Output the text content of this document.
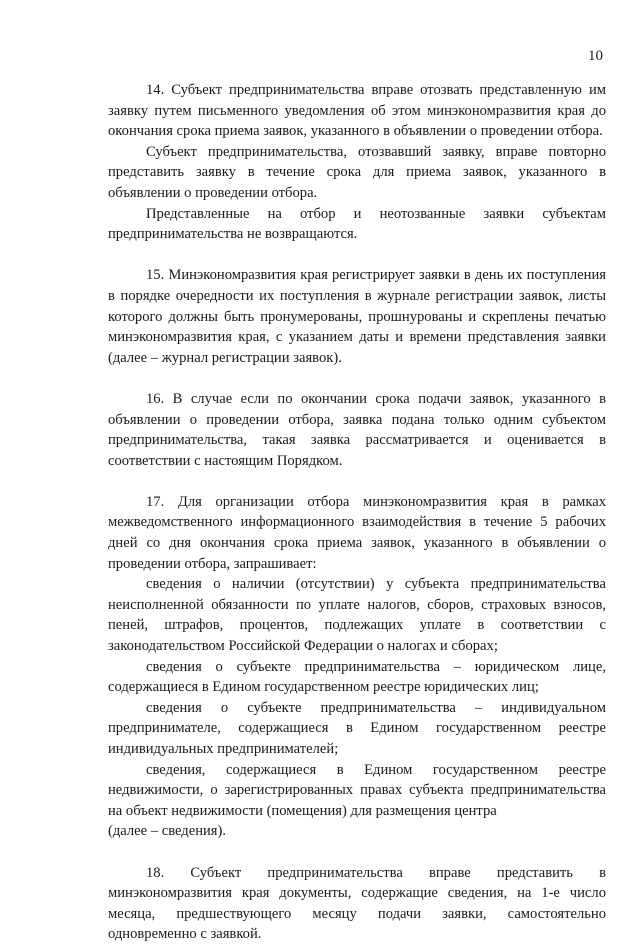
10

14. Субъект предпринимательства вправе отозвать представленную им заявку путем письменного уведомления об этом минэкономразвития края до окончания срока приема заявок, указанного в объявлении о проведении отбора.

Субъект предпринимательства, отозвавший заявку, вправе повторно представить заявку в течение срока для приема заявок, указанного в объявлении о проведении отбора.

Представленные на отбор и неотозванные заявки субъектам предпринимательства не возвращаются.

15. Минэкономразвития края регистрирует заявки в день их поступления в порядке очередности их поступления в журнале регистрации заявок, листы которого должны быть пронумерованы, прошнурованы и скреплены печатью минэкономразвития края, с указанием даты и времени представления заявки (далее – журнал регистрации заявок).

16. В случае если по окончании срока подачи заявок, указанного в объявлении о проведении отбора, заявка подана только одним субъектом предпринимательства, такая заявка рассматривается и оценивается в соответствии с настоящим Порядком.

17. Для организации отбора минэкономразвития края в рамках межведомственного информационного взаимодействия в течение 5 рабочих дней со дня окончания срока приема заявок, указанного в объявлении о проведении отбора, запрашивает:

сведения о наличии (отсутствии) у субъекта предпринимательства неисполненной обязанности по уплате налогов, сборов, страховых взносов, пеней, штрафов, процентов, подлежащих уплате в соответствии с законодательством Российской Федерации о налогах и сборах;

сведения о субъекте предпринимательства – юридическом лице, содержащиеся в Едином государственном реестре юридических лиц;

сведения о субъекте предпринимательства – индивидуальном предпринимателе, содержащиеся в Едином государственном реестре индивидуальных предпринимателей;

сведения, содержащиеся в Едином государственном реестре недвижимости, о зарегистрированных правах субъекта предпринимательства на объект недвижимости (помещения) для размещения центра

(далее – сведения).

18. Субъект предпринимательства вправе представить в минэкономразвития края документы, содержащие сведения, на 1-е число месяца, предшествующего месяцу подачи заявки, самостоятельно одновременно с заявкой.
